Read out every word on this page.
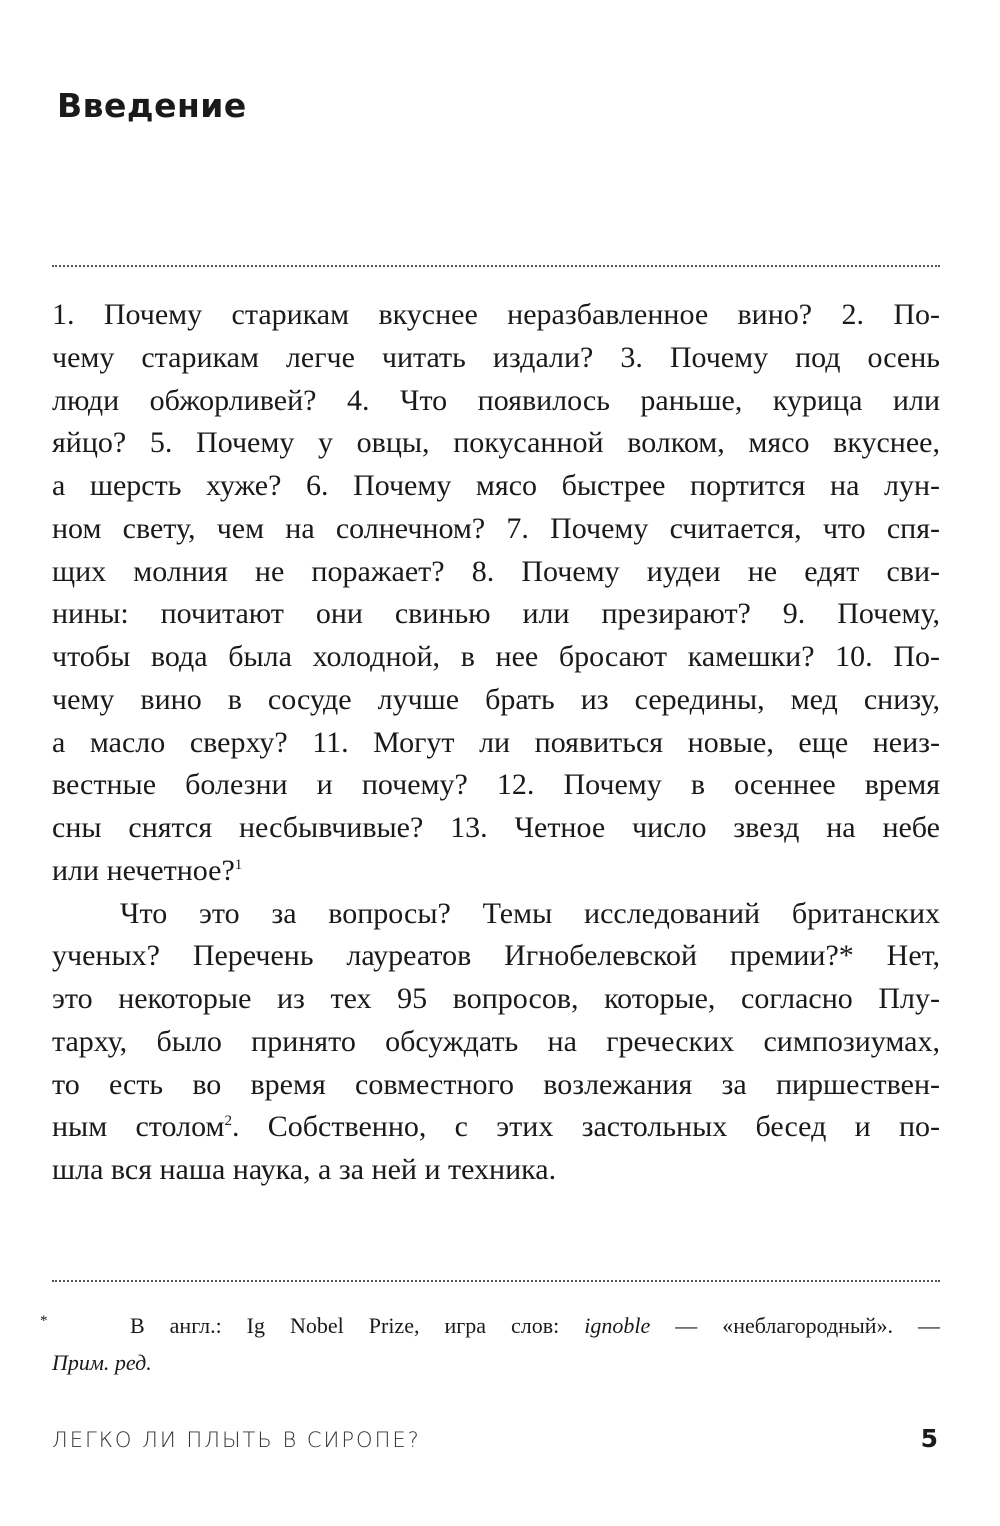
Введение
1. Почему старикам вкуснее неразбавленное вино? 2. По-
чему старикам легче читать издали? 3. Почему под осень
люди обжорливей? 4. Что появилось раньше, курица или
яйцо? 5. Почему у овцы, покусанной волком, мясо вкуснее,
а шерсть хуже? 6. Почему мясо быстрее портится на лун-
ном свету, чем на солнечном? 7. Почему считается, что спя-
щих молния не поражает? 8. Почему иудеи не едят сви-
нины: почитают они свинью или презирают? 9. Почему,
чтобы вода была холодной, в нее бросают камешки? 10. По-
чему вино в сосуде лучше брать из середины, мед снизу,
а масло сверху? 11. Могут ли появиться новые, еще неиз-
вестные болезни и почему? 12. Почему в осеннее время
сны снятся несбывчивые? 13. Четное число звезд на небе
или нечетное?$^1$
Что это за вопросы? Темы исследований британских
ученых? Перечень лауреатов Игнобелевской премии?* Нет,
это некоторые из тех 95 вопросов, которые, согласно Плу-
тарху, было принято обсуждать на греческих симпозиумах,
то есть во время совместного возлежания за пиршествен-
ным столом$^2$. Собственно, с этих застольных бесед и по-
шла вся наша наука, а за ней и техника.
*	В англ.: Ig Nobel Prize, игра слов: ignoble — «неблагородный». —
Прим. ред.
ЛЕГКО ЛИ ПЛЫТЬ В СИРОПЕ?	5
